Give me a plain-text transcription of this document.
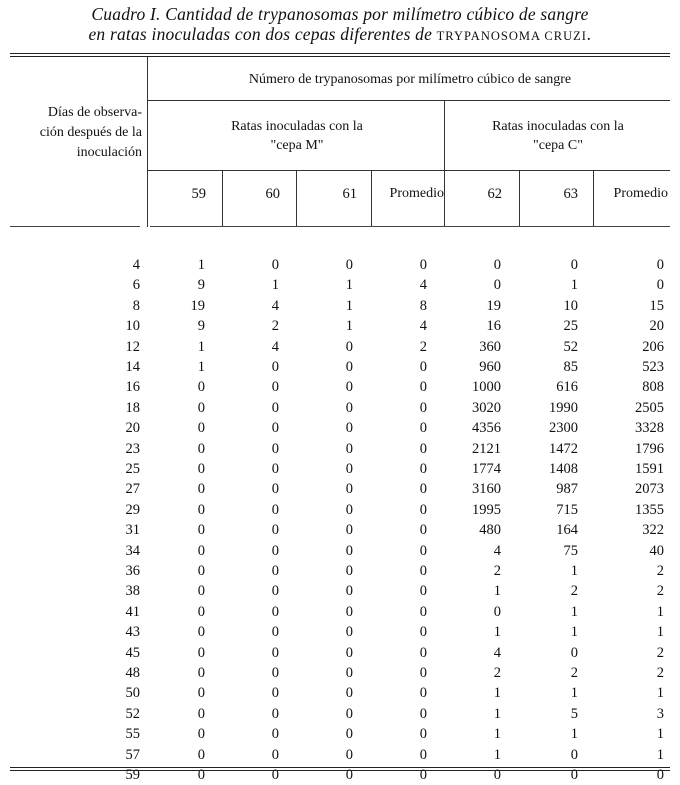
Cuadro I. Cantidad de trypanosomas por milímetro cúbico de sangre
en ratas inoculadas con dos cepas diferentes de TRYPANOSOMA CRUZI.
Días de observa-
ción después de la
inoculación
Número de trypanosomas por milímetro cúbico de sangre
Ratas inoculadas con la
"cepa M"
Ratas inoculadas con la
"cepa C"
59	60	61	Promedio	62	63	Promedio
4	1	0	0	0	0	0	0
6	9	1	1	4	0	1	0
8	19	4	1	8	19	10	15
10	9	2	1	4	16	25	20
12	1	4	0	2	360	52	206
14	1	0	0	0	960	85	523
16	0	0	0	0	1000	616	808
18	0	0	0	0	3020	1990	2505
20	0	0	0	0	4356	2300	3328
23	0	0	0	0	2121	1472	1796
25	0	0	0	0	1774	1408	1591
27	0	0	0	0	3160	987	2073
29	0	0	0	0	1995	715	1355
31	0	0	0	0	480	164	322
34	0	0	0	0	4	75	40
36	0	0	0	0	2	1	2
38	0	0	0	0	1	2	2
41	0	0	0	0	0	1	1
43	0	0	0	0	1	1	1
45	0	0	0	0	4	0	2
48	0	0	0	0	2	2	2
50	0	0	0	0	1	1	1
52	0	0	0	0	1	5	3
55	0	0	0	0	1	1	1
57	0	0	0	0	1	0	1
59	0	0	0	0	0	0	0
